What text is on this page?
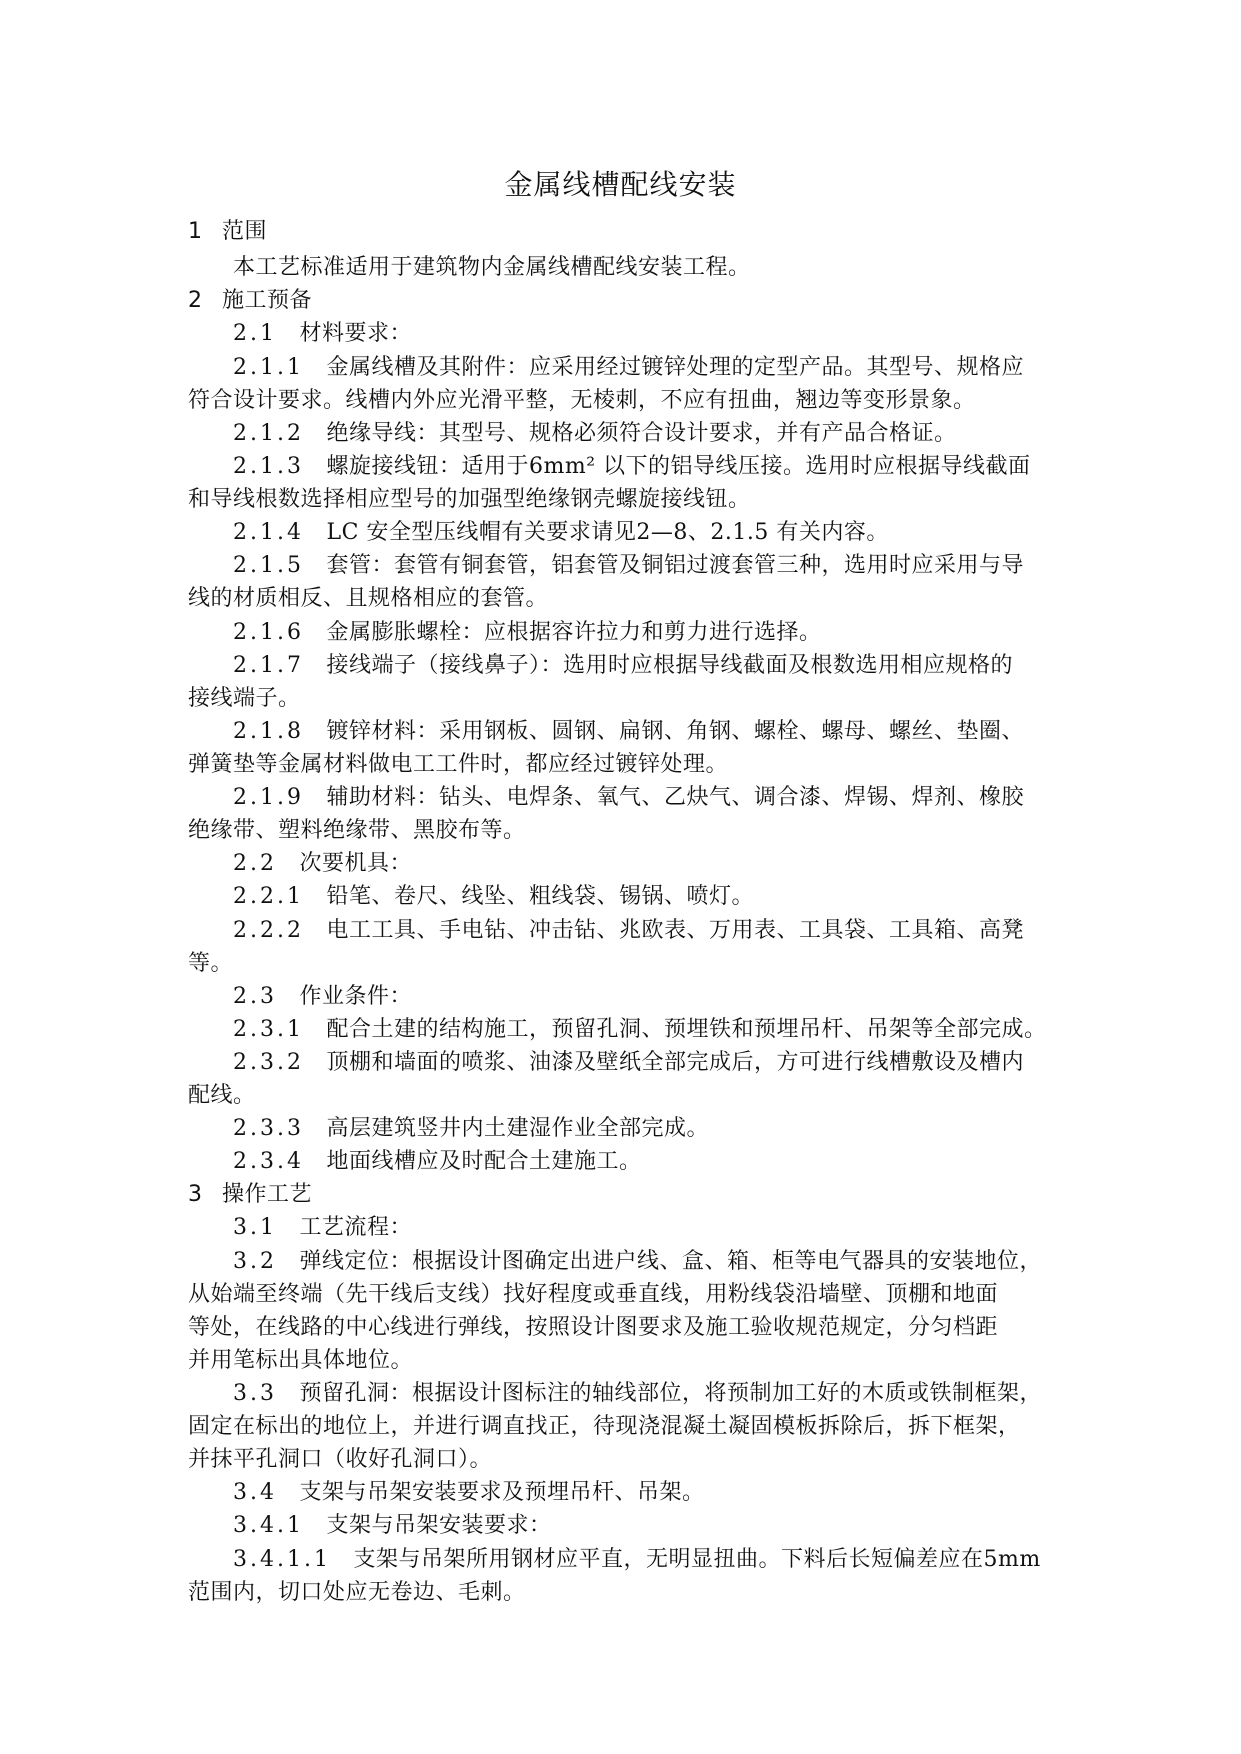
金属线槽配线安装
1 范围
本工艺标准适用于建筑物内金属线槽配线安装工程。
2 施工预备
2.1  材料要求：
2.1.1  金属线槽及其附件：应采用经过镀锌处理的定型产品。其型号、规格应
符合设计要求。线槽内外应光滑平整，无棱刺，不应有扭曲，翘边等变形景象。
2.1.2  绝缘导线：其型号、规格必须符合设计要求，并有产品合格证。
2.1.3  螺旋接线钮：适用于6mm² 以下的铝导线压接。选用时应根据导线截面
和导线根数选择相应型号的加强型绝缘钢壳螺旋接线钮。
2.1.4  LC 安全型压线帽有关要求请见2—8、2.1.5 有关内容。
2.1.5  套管：套管有铜套管，铝套管及铜铝过渡套管三种，选用时应采用与导
线的材质相反、且规格相应的套管。
2.1.6  金属膨胀螺栓：应根据容许拉力和剪力进行选择。
2.1.7  接线端子（接线鼻子）：选用时应根据导线截面及根数选用相应规格的
接线端子。
2.1.8  镀锌材料：采用钢板、圆钢、扁钢、角钢、螺栓、螺母、螺丝、垫圈、
弹簧垫等金属材料做电工工件时，都应经过镀锌处理。
2.1.9  辅助材料：钻头、电焊条、氧气、乙炔气、调合漆、焊锡、焊剂、橡胶
绝缘带、塑料绝缘带、黑胶布等。
2.2  次要机具：
2.2.1  铅笔、卷尺、线坠、粗线袋、锡锅、喷灯。
2.2.2  电工工具、手电钻、冲击钻、兆欧表、万用表、工具袋、工具箱、高凳
等。
2.3  作业条件：
2.3.1  配合土建的结构施工，预留孔洞、预埋铁和预埋吊杆、吊架等全部完成。
2.3.2  顶棚和墙面的喷浆、油漆及壁纸全部完成后，方可进行线槽敷设及槽内
配线。
2.3.3  高层建筑竖井内土建湿作业全部完成。
2.3.4  地面线槽应及时配合土建施工。
3 操作工艺
3.1  工艺流程：
3.2  弹线定位：根据设计图确定出进户线、盒、箱、柜等电气器具的安装地位，
从始端至终端（先干线后支线）找好程度或垂直线，用粉线袋沿墙壁、顶棚和地面
等处，在线路的中心线进行弹线，按照设计图要求及施工验收规范规定，分匀档距
并用笔标出具体地位。
3.3  预留孔洞：根据设计图标注的轴线部位，将预制加工好的木质或铁制框架，
固定在标出的地位上，并进行调直找正，待现浇混凝土凝固模板拆除后，拆下框架，
并抹平孔洞口（收好孔洞口）。
3.4  支架与吊架安装要求及预埋吊杆、吊架。
3.4.1  支架与吊架安装要求：
3.4.1.1  支架与吊架所用钢材应平直，无明显扭曲。下料后长短偏差应在5mm
范围内，切口处应无卷边、毛刺。
